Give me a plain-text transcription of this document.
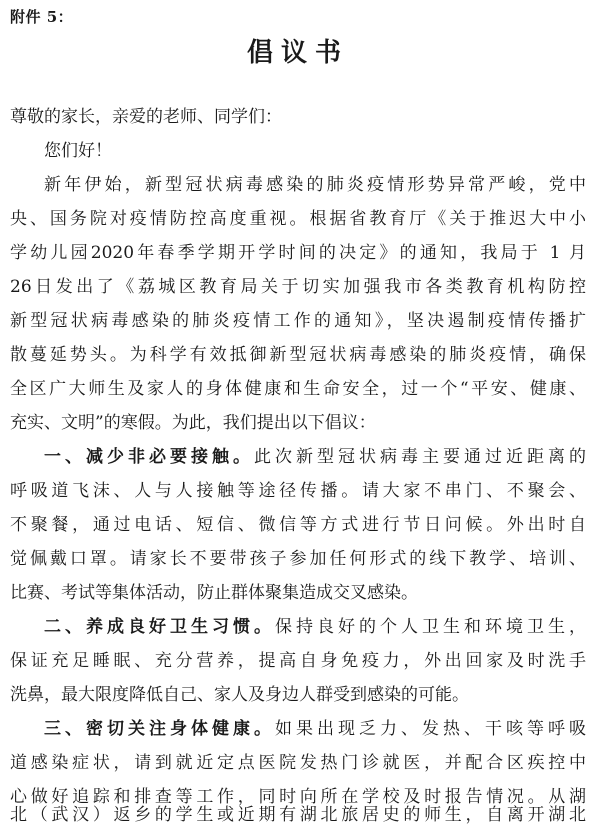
附件 5：
倡议书
尊敬的家长，亲爱的老师、同学们：
您们好！
新年伊始，新型冠状病毒感染的肺炎疫情形势异常严峻，党中
央、国务院对疫情防控高度重视。根据省教育厅《关于推迟大中小
学幼儿园2020年春季学期开学时间的决定》的通知，我局于 1 月
26日发出了《荔城区教育局关于切实加强我市各类教育机构防控
新型冠状病毒感染的肺炎疫情工作的通知》，坚决遏制疫情传播扩
散蔓延势头。为科学有效抵御新型冠状病毒感染的肺炎疫情，确保
全区广大师生及家人的身体健康和生命安全，过一个“平安、健康、
充实、文明”的寒假。为此，我们提出以下倡议：
一、减少非必要接触。此次新型冠状病毒主要通过近距离的
呼吸道飞沫、人与人接触等途径传播。请大家不串门、不聚会、
不聚餐，通过电话、短信、微信等方式进行节日问候。外出时自
觉佩戴口罩。请家长不要带孩子参加任何形式的线下教学、培训、
比赛、考试等集体活动，防止群体聚集造成交叉感染。
二、养成良好卫生习惯。保持良好的个人卫生和环境卫生，
保证充足睡眠、充分营养，提高自身免疫力，外出回家及时洗手
洗鼻，最大限度降低自己、家人及身边人群受到感染的可能。
三、密切关注身体健康。如果出现乏力、发热、干咳等呼吸
道感染症状，请到就近定点医院发热门诊就医，并配合区疾控中
心做好追踪和排查等工作，同时向所在学校及时报告情况。从湖
北（武汉）返乡的学生或近期有湖北旅居史的师生，自离开湖北
